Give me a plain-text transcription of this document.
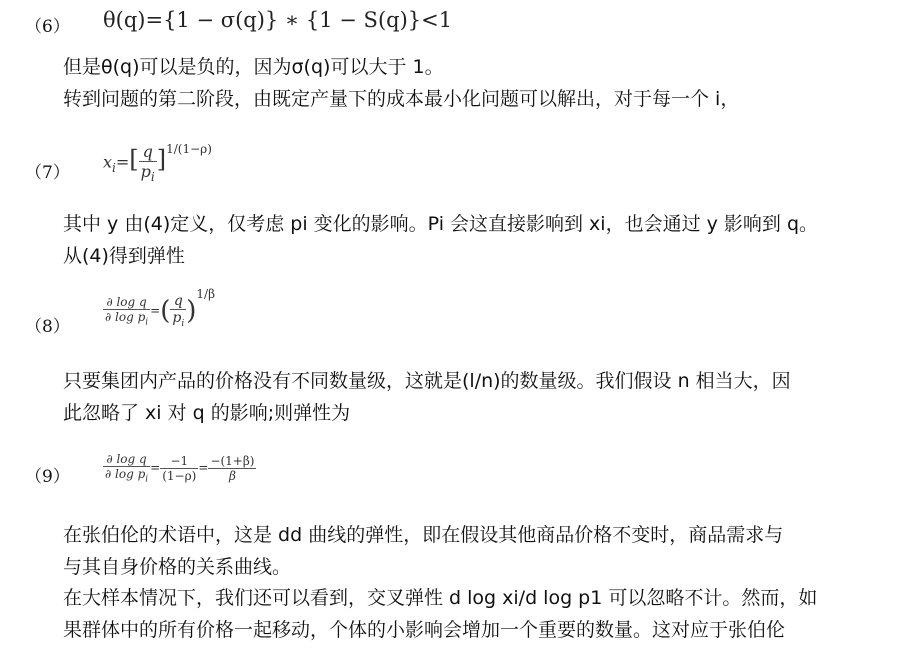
（6） θ(q)={1 − σ(q)} ∗ {1 − S(q)}<1

但是θ(q)可以是负的，因为σ(q)可以大于 1。

转到问题的第二阶段，由既定产量下的成本最小化问题可以解出，对于每一个 i，

（7）
$x_i=[ \frac{q}{p_i} ]^{1/(1-\rho)}$

其中 y 由(4)定义，仅考虑 pi 变化的影响。Pi 会这直接影响到 xi，也会通过 y 影响到 q。

从(4)得到弹性

（8）	$\frac{\text{∂ log q}}{\partial \log p_i}$ =( $\frac{q}{p_i} )1/\beta$

只要集团内产品的价格没有不同数量级，这就是(l/n)的数量级。我们假设 n 相当大，因

此忽略了 xi 对 q 的影响;则弹性为

（9）	$\frac{\text{∂ log q}}{\partial \log p_i} = \frac{-1}{(1-\rho)} = \frac{-(1+\beta)}{\beta}$

在张伯伦的术语中，这是 dd 曲线的弹性，即在假设其他商品价格不变时，商品需求与

与其自身价格的关系曲线。

在大样本情况下，我们还可以看到，交叉弹性 d log xi/d log p1 可以忽略不计。然而，如

果群体中的所有价格一起移动，个体的小影响会增加一个重要的数量。这对应于张伯伦
